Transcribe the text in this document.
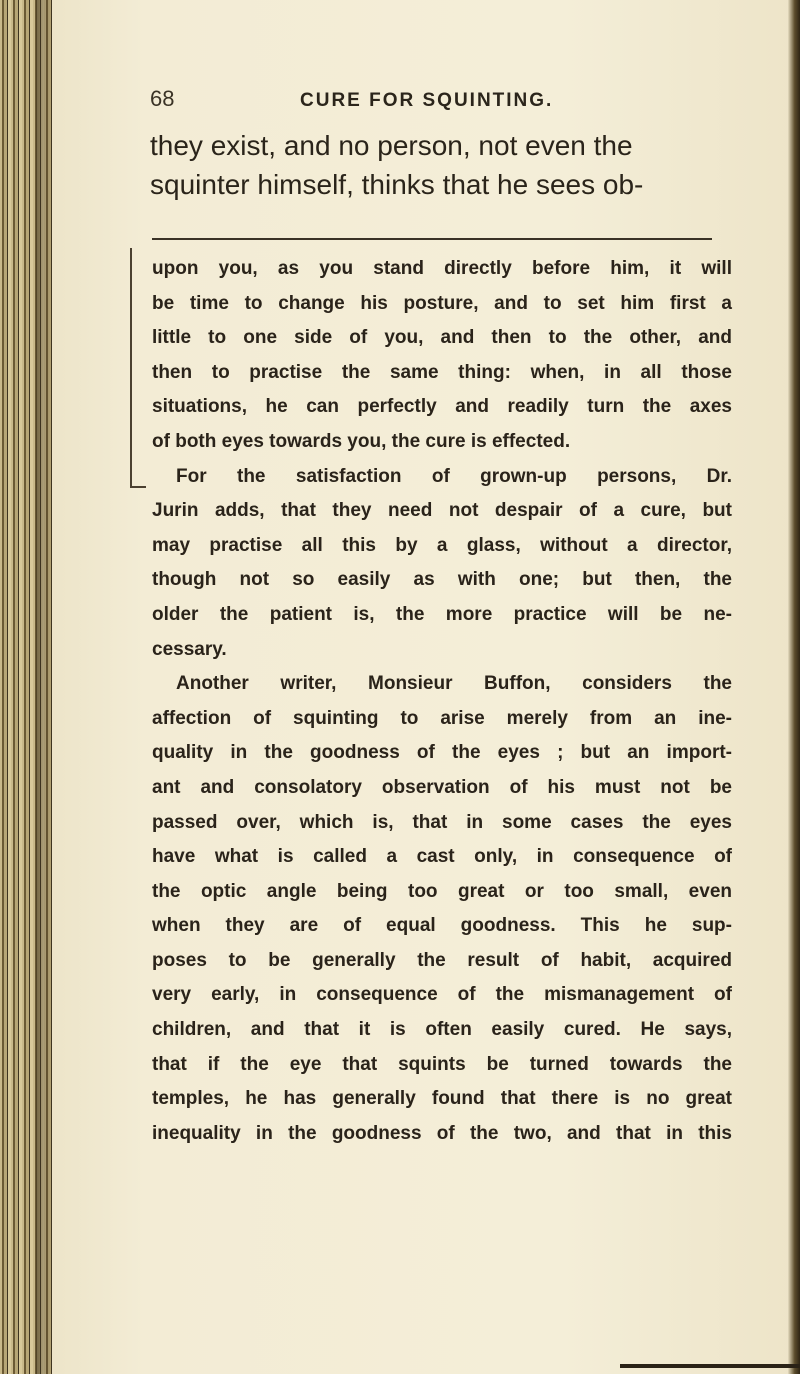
68	CURE FOR SQUINTING.
they exist, and no person, not even the
squinter himself, thinks that he sees ob-
upon you, as you stand directly before him, it will
be time to change his posture, and to set him first a
little to one side of you, and then to the other, and
then to practise the same thing: when, in all those
situations, he can perfectly and readily turn the axes
of both eyes towards you, the cure is effected.
For the satisfaction of grown-up persons, Dr.
Jurin adds, that they need not despair of a cure, but
may practise all this by a glass, without a director,
though not so easily as with one; but then, the
older the patient is, the more practice will be ne-
cessary.
Another writer, Monsieur Buffon, considers the
affection of squinting to arise merely from an ine-
quality in the goodness of the eyes ; but an import-
ant and consolatory observation of his must not be
passed over, which is, that in some cases the eyes
have what is called a cast only, in consequence of
the optic angle being too great or too small, even
when they are of equal goodness. This he sup-
poses to be generally the result of habit, acquired
very early, in consequence of the mismanagement of
children, and that it is often easily cured. He says,
that if the eye that squints be turned towards the
temples, he has generally found that there is no great
inequality in the goodness of the two, and that in this
